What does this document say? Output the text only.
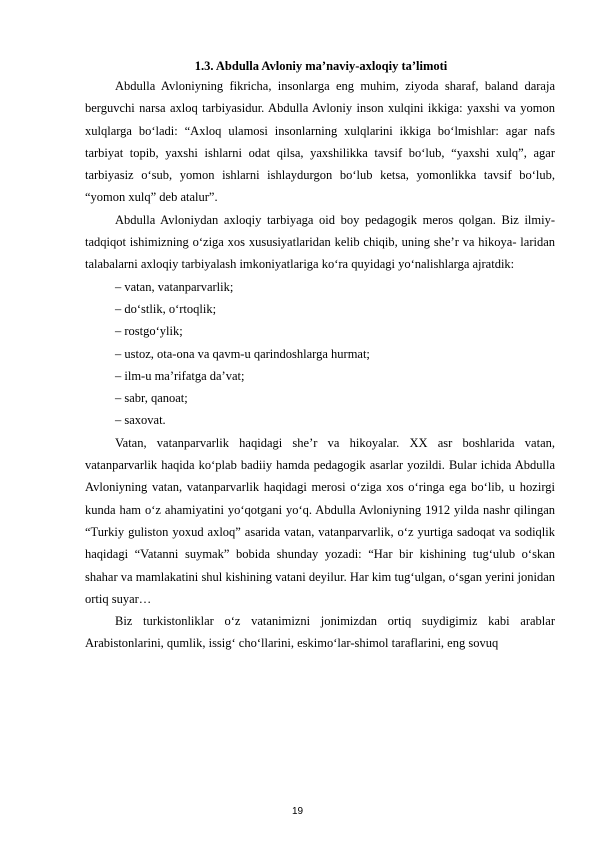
1.3. Abdulla Avloniy ma’naviy-axloqiy ta’limoti

Abdulla Avloniyning fikricha, insonlarga eng muhim, ziyoda sharaf, baland daraja berguvchi narsa axloq tarbiyasidur. Abdulla Avloniy inson xulqini ikkiga: yaxshi va yomon xulqlarga bo‘ladi: “Axloq ulamosi insonlarning xulqlarini ikkiga bo‘lmishlar: agar nafs tarbiyat topib, yaxshi ishlarni odat qilsa, yaxshilikka tavsif bo‘lub, “yaxshi xulq”, agar tarbiyasiz o‘sub, yomon ishlarni ishlaydurgon bo‘lub ketsa, yomonlikka tavsif bo‘lub, “yomon xulq” deb atalur”.

Abdulla Avloniydan axloqiy tarbiyaga oid boy pedagogik meros qolgan. Biz ilmiy-tadqiqot ishimizning o‘ziga xos xususiyatlaridan kelib chiqib, uning she’r va hikoya- laridan talabalarni axloqiy tarbiyalash imkoniyatlariga ko‘ra quyidagi yo‘nalishlarga ajratdik:

– vatan, vatanparvarlik;
– do‘stlik, o‘rtoqlik;
– rostgo‘ylik;
– ustoz, ota-ona va qavm-u qarindoshlarga hurmat;
– ilm-u ma’rifatga da’vat;
– sabr, qanoat;
– saxovat.

Vatan, vatanparvarlik haqidagi she’r va hikoyalar. XX asr boshlarida vatan, vatanparvarlik haqida ko‘plab badiiy hamda pedagogik asarlar yozildi. Bular ichida Abdulla Avloniyning vatan, vatanparvarlik haqidagi merosi o‘ziga xos o‘ringa ega bo‘lib, u hozirgi kunda ham o‘z ahamiyatini yo‘qotgani yo‘q. Abdulla Avloniyning 1912 yilda nashr qilingan “Turkiy guliston yoxud axloq” asarida vatan, vatanparvarlik, o‘z yurtiga sadoqat va sodiqlik haqidagi “Vatanni suymak” bobida shunday yozadi: “Har bir kishining tug‘ulub o‘skan shahar va mamlakatini shul kishining vatani deyilur. Har kim tug‘ulgan, o‘sgan yerini jonidan ortiq suyar…

Biz turkistonliklar o‘z vatanimizni jonimizdan ortiq suydigimiz kabi arablar Arabistonlarini, qumlik, issig‘ cho‘llarini, eskimo‘lar-shimol taraflarini, eng sovuq

19
